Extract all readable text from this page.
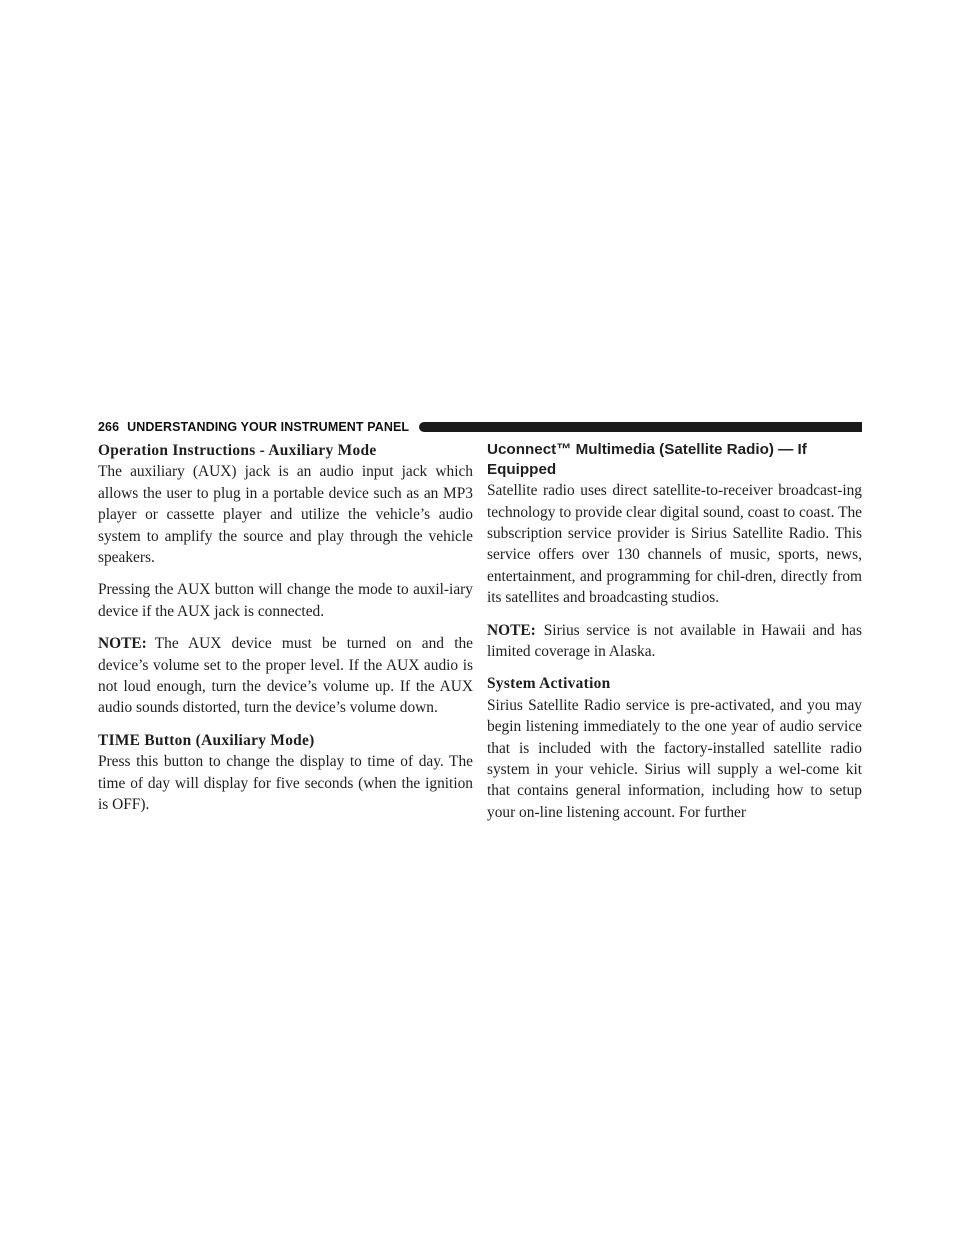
266 UNDERSTANDING YOUR INSTRUMENT PANEL
Operation Instructions - Auxiliary Mode

The auxiliary (AUX) jack is an audio input jack which allows the user to plug in a portable device such as an MP3 player or cassette player and utilize the vehicle’s audio system to amplify the source and play through the vehicle speakers.

Pressing the AUX button will change the mode to auxil-iary device if the AUX jack is connected.

NOTE: The AUX device must be turned on and the device’s volume set to the proper level. If the AUX audio is not loud enough, turn the device’s volume up. If the AUX audio sounds distorted, turn the device’s volume down.

TIME Button (Auxiliary Mode)

Press this button to change the display to time of day. The time of day will display for five seconds (when the ignition is OFF).

Uconnect™ Multimedia (Satellite Radio) — If Equipped

Satellite radio uses direct satellite-to-receiver broadcast-ing technology to provide clear digital sound, coast to coast. The subscription service provider is Sirius Satellite Radio. This service offers over 130 channels of music, sports, news, entertainment, and programming for chil-dren, directly from its satellites and broadcasting studios.

NOTE: Sirius service is not available in Hawaii and has limited coverage in Alaska.

System Activation

Sirius Satellite Radio service is pre-activated, and you may begin listening immediately to the one year of audio service that is included with the factory-installed satellite radio system in your vehicle. Sirius will supply a wel-come kit that contains general information, including how to setup your on-line listening account. For further
